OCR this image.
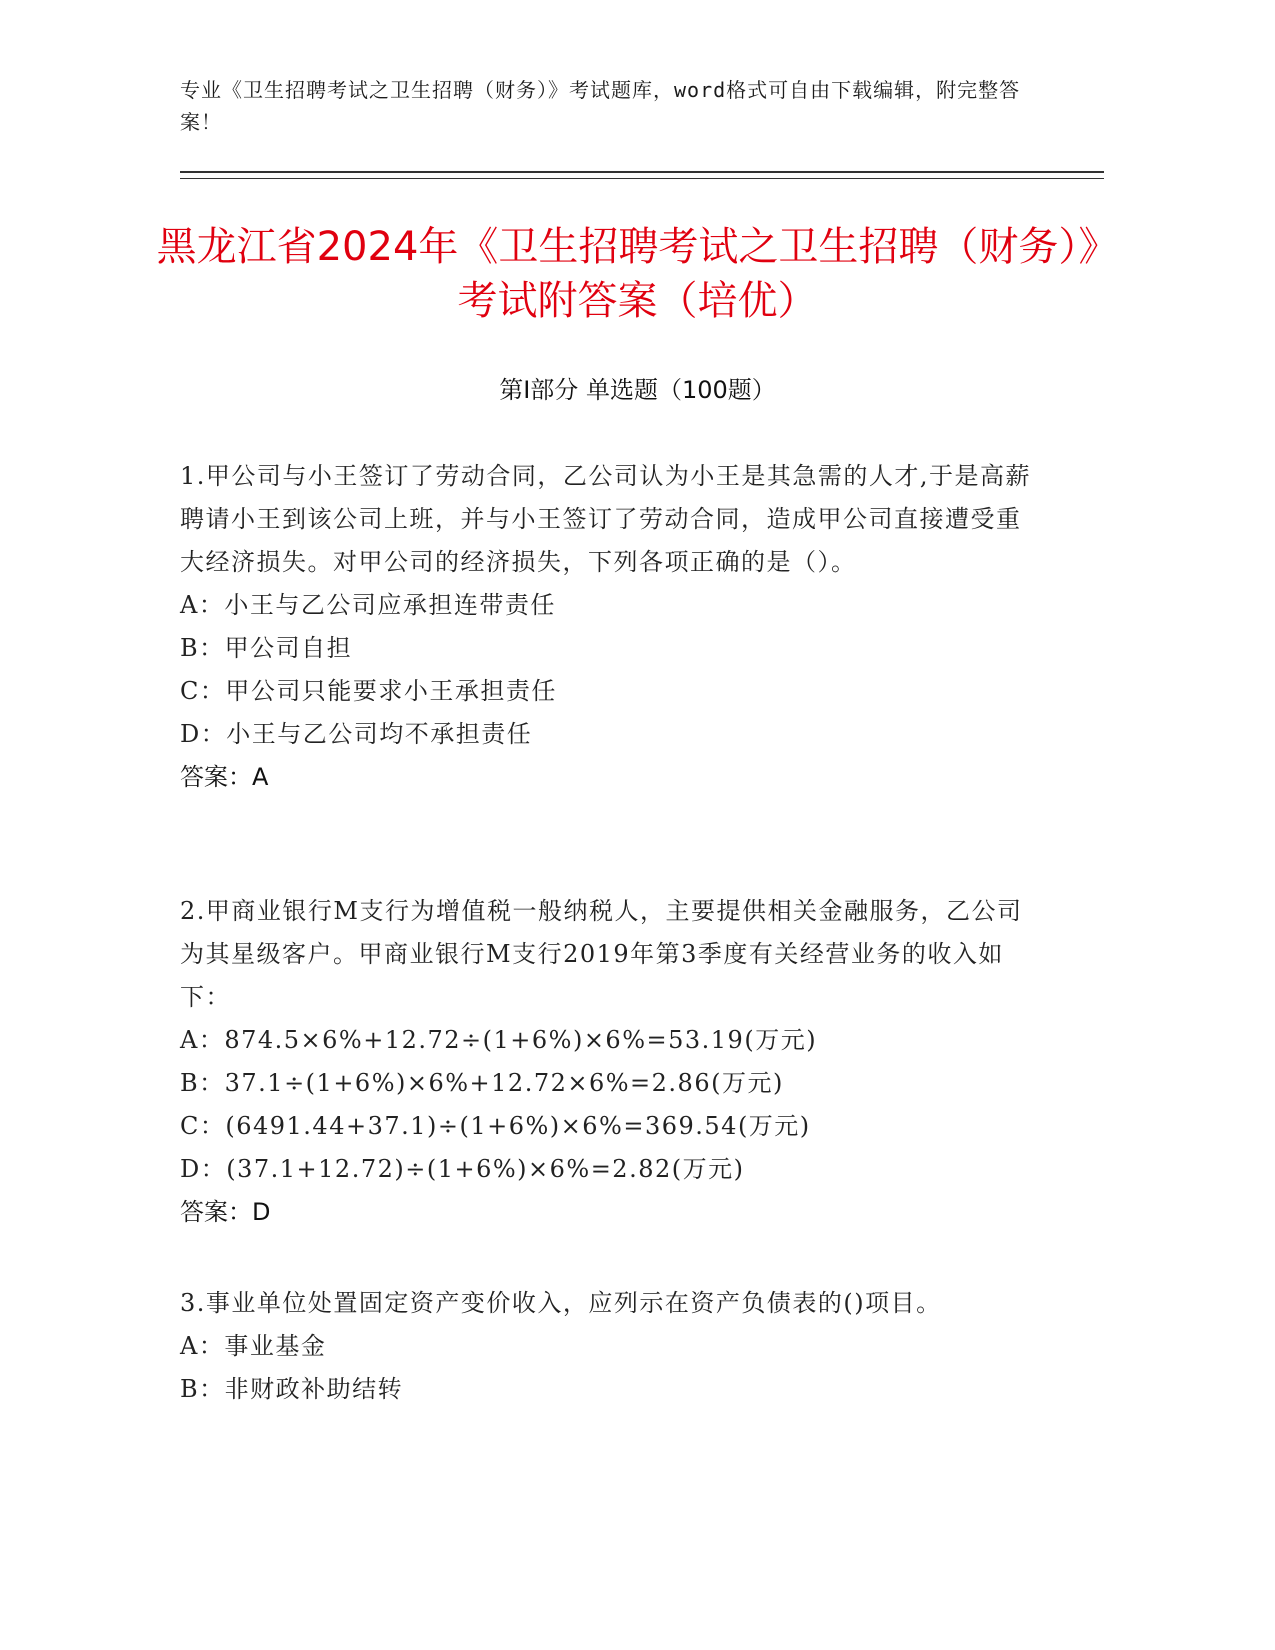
专业《卫生招聘考试之卫生招聘（财务）》考试题库，word格式可自由下载编辑，附完整答案！
黑龙江省2024年《卫生招聘考试之卫生招聘（财务）》考试附答案（培优）
第Ⅰ部分 单选题（100题）
1.甲公司与小王签订了劳动合同，乙公司认为小王是其急需的人才,于是高薪聘请小王到该公司上班，并与小王签订了劳动合同，造成甲公司直接遭受重大经济损失。对甲公司的经济损失，下列各项正确的是（）。
A：小王与乙公司应承担连带责任
B：甲公司自担
C：甲公司只能要求小王承担责任
D：小王与乙公司均不承担责任
答案：A
2.甲商业银行M支行为增值税一般纳税人，主要提供相关金融服务，乙公司为其星级客户。甲商业银行M支行2019年第3季度有关经营业务的收入如下：
A：874.5×6%+12.72÷(1+6%)×6%=53.19(万元)
B：37.1÷(1+6%)×6%+12.72×6%=2.86(万元)
C：(6491.44+37.1)÷(1+6%)×6%=369.54(万元)
D：(37.1+12.72)÷(1+6%)×6%=2.82(万元)
答案：D
3.事业单位处置固定资产变价收入，应列示在资产负债表的()项目。
A：事业基金
B：非财政补助结转
